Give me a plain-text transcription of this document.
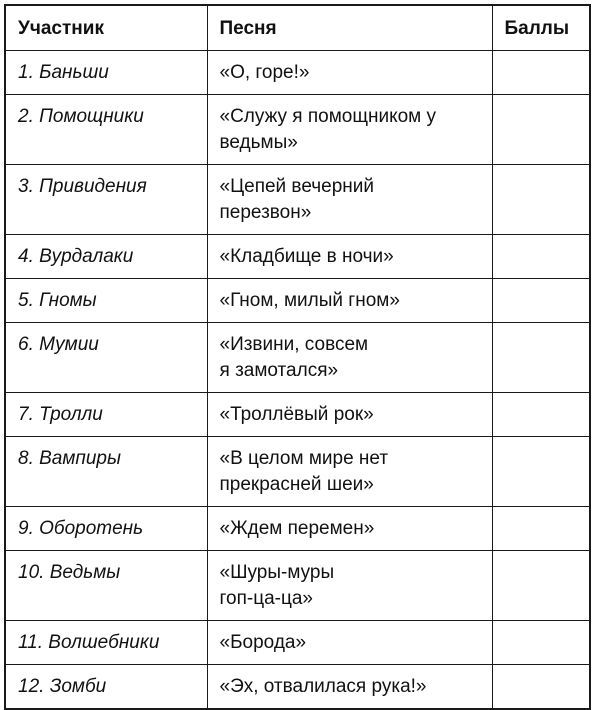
Участник	Песня	Баллы
1. Баньши	«О, горе!»	

2. Помощники	«Служу я помощником у
ведьмы»	

3. Привидения	«Цепей вечерний
перезвон»	

4. Вурдалаки	«Кладбище в ночи»	

5. Гномы	«Гном, милый гном»	

6. Мумии	«Извини, совсем
я замотался»	

7. Тролли	«Троллёвый рок»	

8. Вампиры	«В целом мире нет
прекрасней шеи»	

9. Оборотень	«Ждем перемен»	

10. Ведьмы	«Шуры-муры
гоп-ца-ца»	

11. Волшебники	«Борода»	

12. Зомби	«Эх, отвалилася рука!»	
